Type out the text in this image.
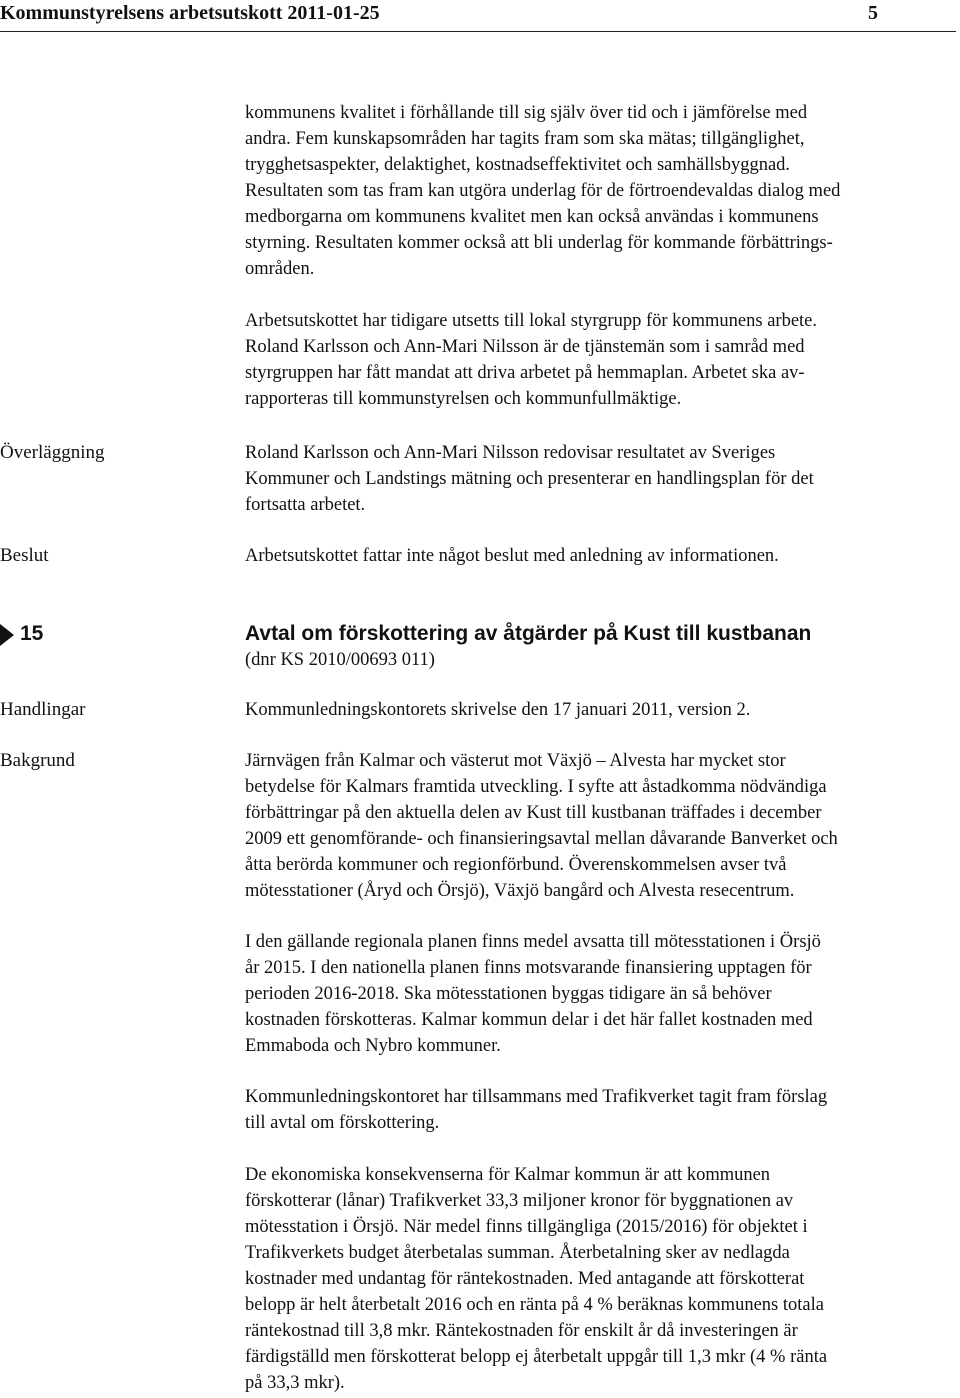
Kommunstyrelsens arbetsutskott 2011-01-25	5

kommunens kvalitet i förhållande till sig själv över tid och i jämförelse med
andra. Fem kunskapsområden har tagits fram som ska mätas; tillgänglighet,
trygghetsaspekter, delaktighet, kostnadseffektivitet och samhällsbyggnad.
Resultaten som tas fram kan utgöra underlag för de förtroendevaldas dialog med
medborgarna om kommunens kvalitet men kan också användas i kommunens
styrning. Resultaten kommer också att bli underlag för kommande förbättrings-
områden.

Arbetsutskottet har tidigare utsetts till lokal styrgrupp för kommunens arbete.
Roland Karlsson och Ann-Mari Nilsson är de tjänstemän som i samråd med
styrgruppen har fått mandat att driva arbetet på hemmaplan. Arbetet ska av-
rapporteras till kommunstyrelsen och kommunfullmäktige.

Överläggning	Roland Karlsson och Ann-Mari Nilsson redovisar resultatet av Sveriges
Kommuner och Landstings mätning och presenterar en handlingsplan för det
fortsatta arbetet.

Beslut	Arbetsutskottet fattar inte något beslut med anledning av informationen.

15	Avtal om förskottering av åtgärder på Kust till kustbanan
(dnr KS 2010/00693 011)
Handlingar	Kommunledningskontorets skrivelse den 17 januari 2011, version 2.

Bakgrund	Järnvägen från Kalmar och västerut mot Växjö – Alvesta har mycket stor
betydelse för Kalmars framtida utveckling. I syfte att åstadkomma nödvändiga
förbättringar på den aktuella delen av Kust till kustbanan träffades i december
2009 ett genomförande- och finansieringsavtal mellan dåvarande Banverket och
åtta berörda kommuner och regionförbund. Överenskommelsen avser två
mötesstationer (Åryd och Örsjö), Växjö bangård och Alvesta resecentrum.

I den gällande regionala planen finns medel avsatta till mötesstationen i Örsjö
år 2015. I den nationella planen finns motsvarande finansiering upptagen för
perioden 2016-2018. Ska mötesstationen byggas tidigare än så behöver
kostnaden förskotteras. Kalmar kommun delar i det här fallet kostnaden med
Emmaboda och Nybro kommuner.

Kommunledningskontoret har tillsammans med Trafikverket tagit fram förslag
till avtal om förskottering.

De ekonomiska konsekvenserna för Kalmar kommun är att kommunen
förskotterar (lånar) Trafikverket 33,3 miljoner kronor för byggnationen av
mötesstation i Örsjö. När medel finns tillgängliga (2015/2016) för objektet i
Trafikverkets budget återbetalas summan. Återbetalning sker av nedlagda
kostnader med undantag för räntekostnaden. Med antagande att förskotterat
belopp är helt återbetalt 2016 och en ränta på 4 % beräknas kommunens totala
räntekostnad till 3,8 mkr. Räntekostnaden för enskilt år då investeringen är
färdigställd men förskotterat belopp ej återbetalt uppgår till 1,3 mkr (4 % ränta
på 33,3 mkr).
